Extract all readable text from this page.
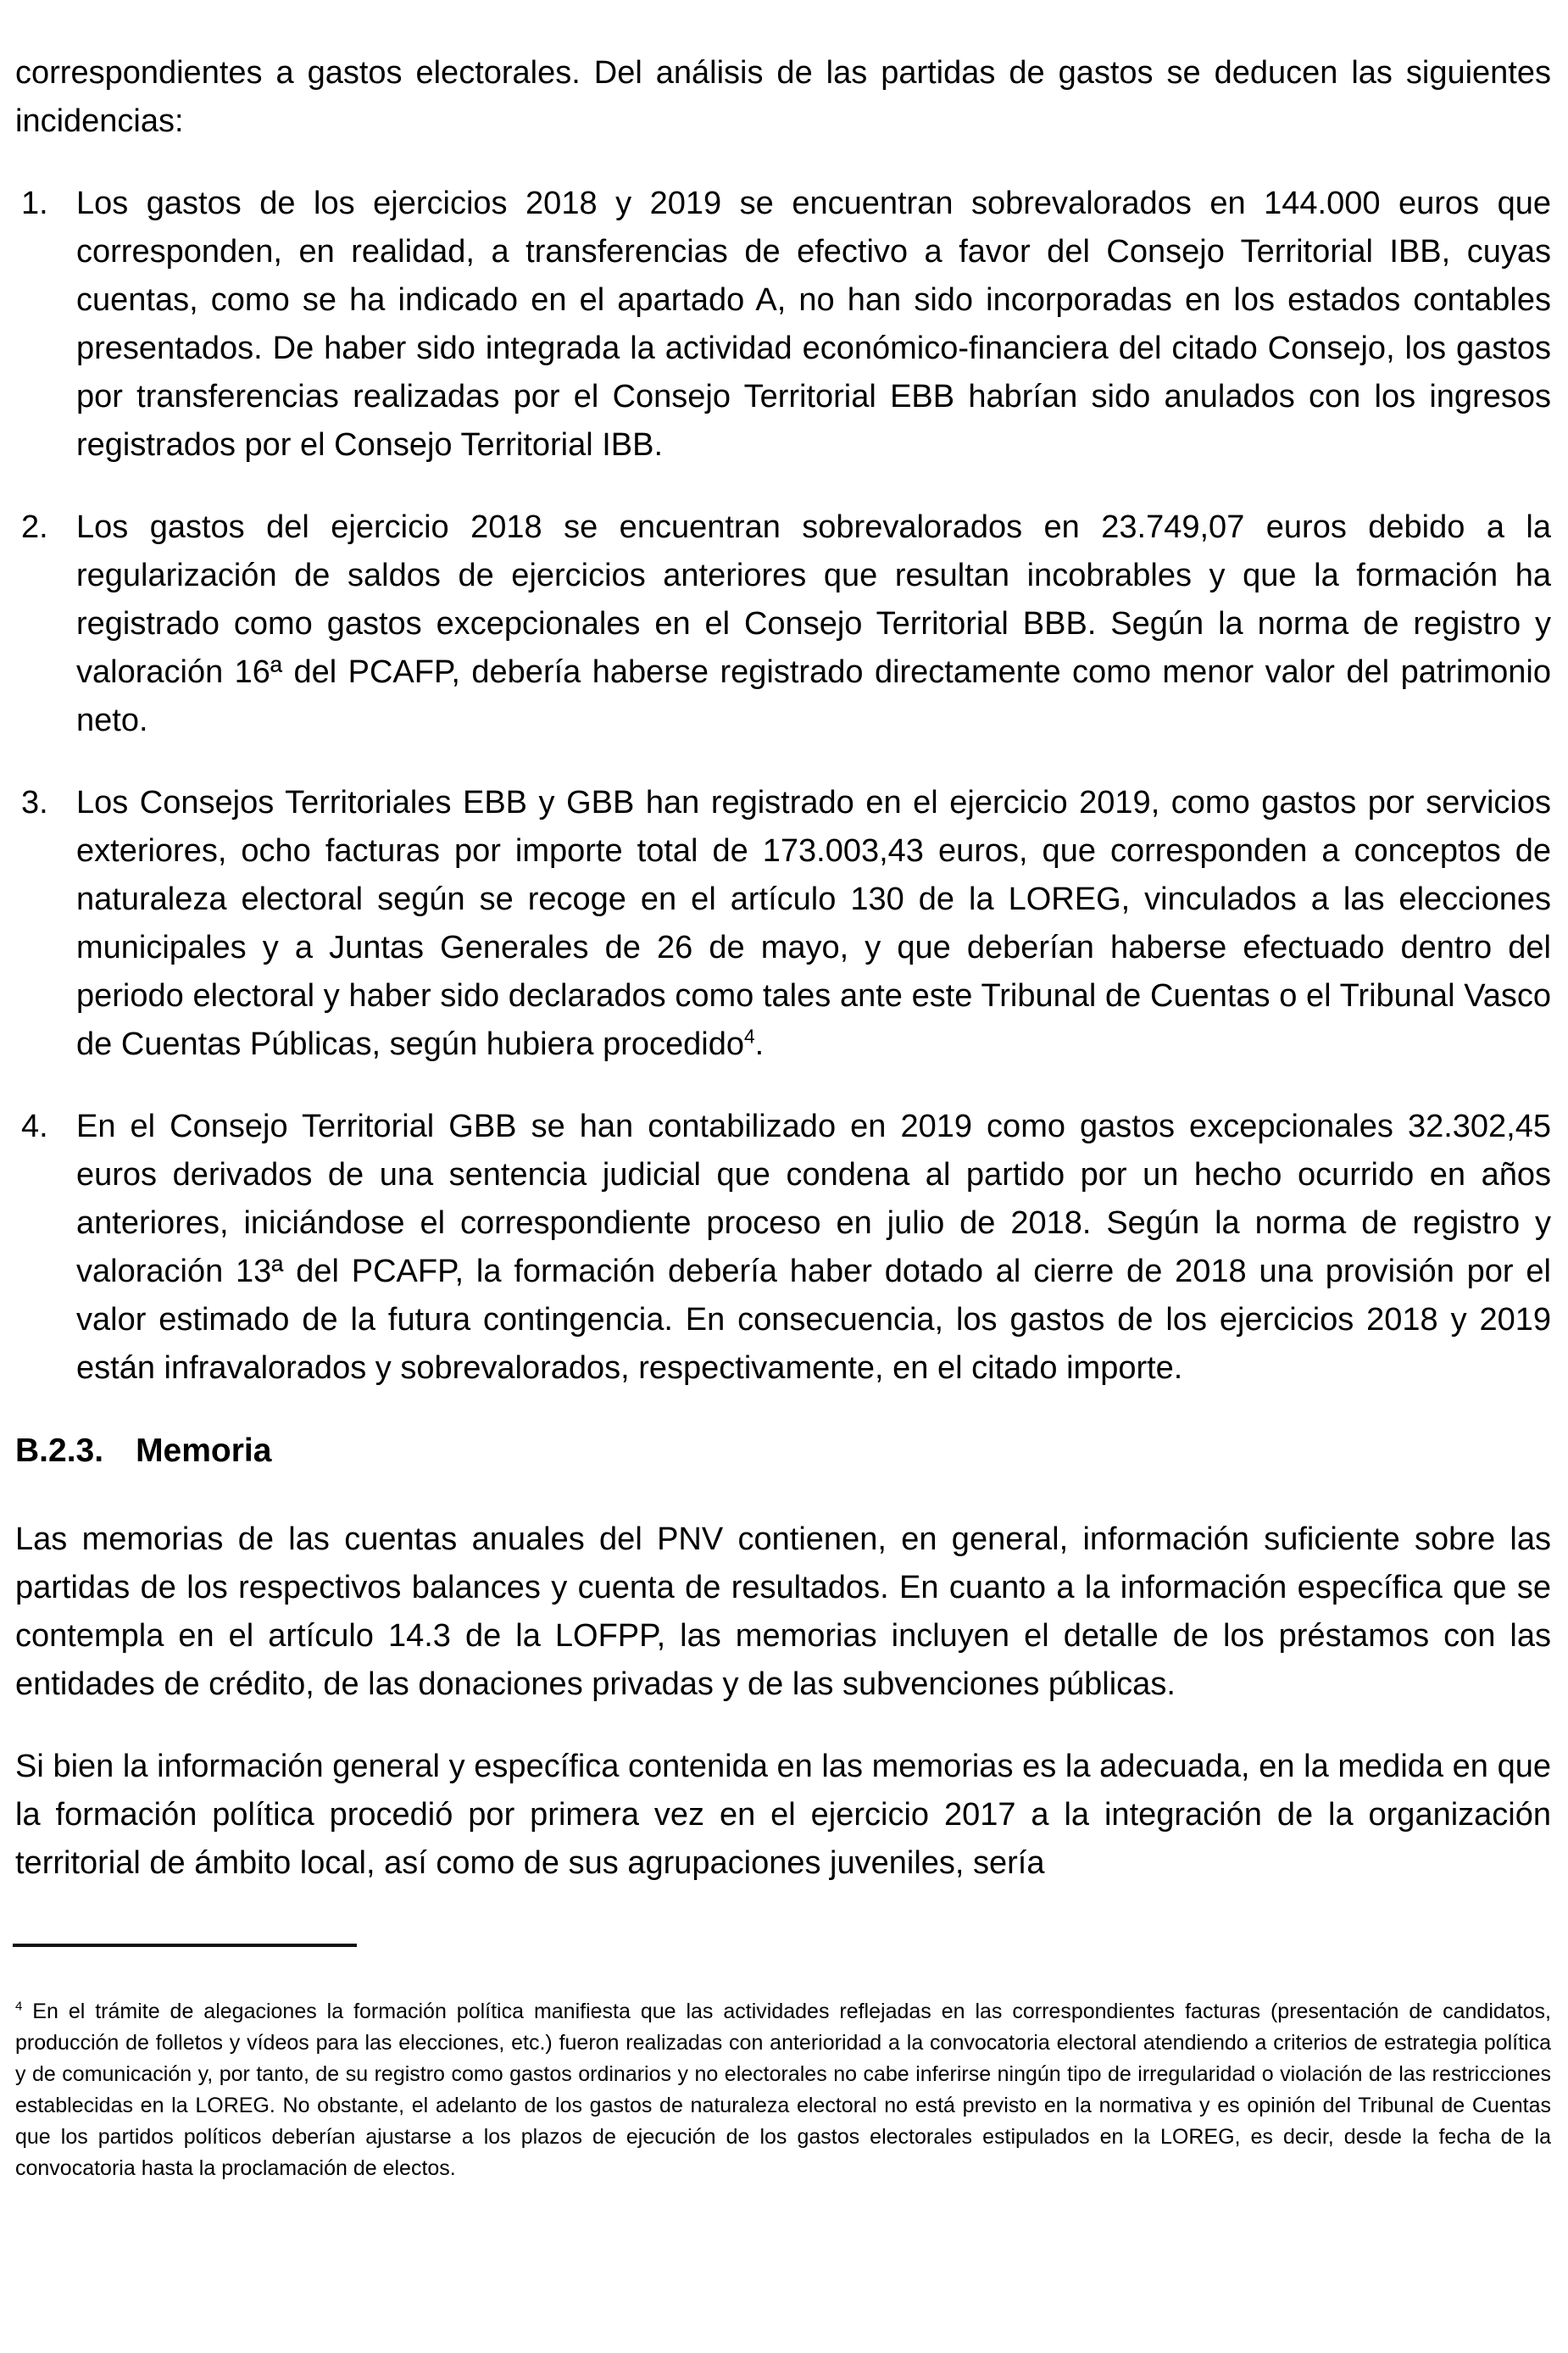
correspondientes a gastos electorales. Del análisis de las partidas de gastos se deducen las siguientes incidencias:

1. Los gastos de los ejercicios 2018 y 2019 se encuentran sobrevalorados en 144.000 euros que corresponden, en realidad, a transferencias de efectivo a favor del Consejo Territorial IBB, cuyas cuentas, como se ha indicado en el apartado A, no han sido incorporadas en los estados contables presentados. De haber sido integrada la actividad económico-financiera del citado Consejo, los gastos por transferencias realizadas por el Consejo Territorial EBB habrían sido anulados con los ingresos registrados por el Consejo Territorial IBB.

2. Los gastos del ejercicio 2018 se encuentran sobrevalorados en 23.749,07 euros debido a la regularización de saldos de ejercicios anteriores que resultan incobrables y que la formación ha registrado como gastos excepcionales en el Consejo Territorial BBB. Según la norma de registro y valoración 16ª del PCAFP, debería haberse registrado directamente como menor valor del patrimonio neto.

3. Los Consejos Territoriales EBB y GBB han registrado en el ejercicio 2019, como gastos por servicios exteriores, ocho facturas por importe total de 173.003,43 euros, que corresponden a conceptos de naturaleza electoral según se recoge en el artículo 130 de la LOREG, vinculados a las elecciones municipales y a Juntas Generales de 26 de mayo, y que deberían haberse efectuado dentro del periodo electoral y haber sido declarados como tales ante este Tribunal de Cuentas o el Tribunal Vasco de Cuentas Públicas, según hubiera procedido$^4$.

4. En el Consejo Territorial GBB se han contabilizado en 2019 como gastos excepcionales 32.302,45 euros derivados de una sentencia judicial que condena al partido por un hecho ocurrido en años anteriores, iniciándose el correspondiente proceso en julio de 2018. Según la norma de registro y valoración 13ª del PCAFP, la formación debería haber dotado al cierre de 2018 una provisión por el valor estimado de la futura contingencia. En consecuencia, los gastos de los ejercicios 2018 y 2019 están infravalorados y sobrevalorados, respectivamente, en el citado importe.

B.2.3. Memoria

Las memorias de las cuentas anuales del PNV contienen, en general, información suficiente sobre las partidas de los respectivos balances y cuenta de resultados. En cuanto a la información específica que se contempla en el artículo 14.3 de la LOFPP, las memorias incluyen el detalle de los préstamos con las entidades de crédito, de las donaciones privadas y de las subvenciones públicas.

Si bien la información general y específica contenida en las memorias es la adecuada, en la medida en que la formación política procedió por primera vez en el ejercicio 2017 a la integración de la organización territorial de ámbito local, así como de sus agrupaciones juveniles, sería

$^4$ En el trámite de alegaciones la formación política manifiesta que las actividades reflejadas en las correspondientes facturas (presentación de candidatos, producción de folletos y vídeos para las elecciones, etc.) fueron realizadas con anterioridad a la convocatoria electoral atendiendo a criterios de estrategia política y de comunicación y, por tanto, de su registro como gastos ordinarios y no electorales no cabe inferirse ningún tipo de irregularidad o violación de las restricciones establecidas en la LOREG. No obstante, el adelanto de los gastos de naturaleza electoral no está previsto en la normativa y es opinión del Tribunal de Cuentas que los partidos políticos deberían ajustarse a los plazos de ejecución de los gastos electorales estipulados en la LOREG, es decir, desde la fecha de la convocatoria hasta la proclamación de electos.
